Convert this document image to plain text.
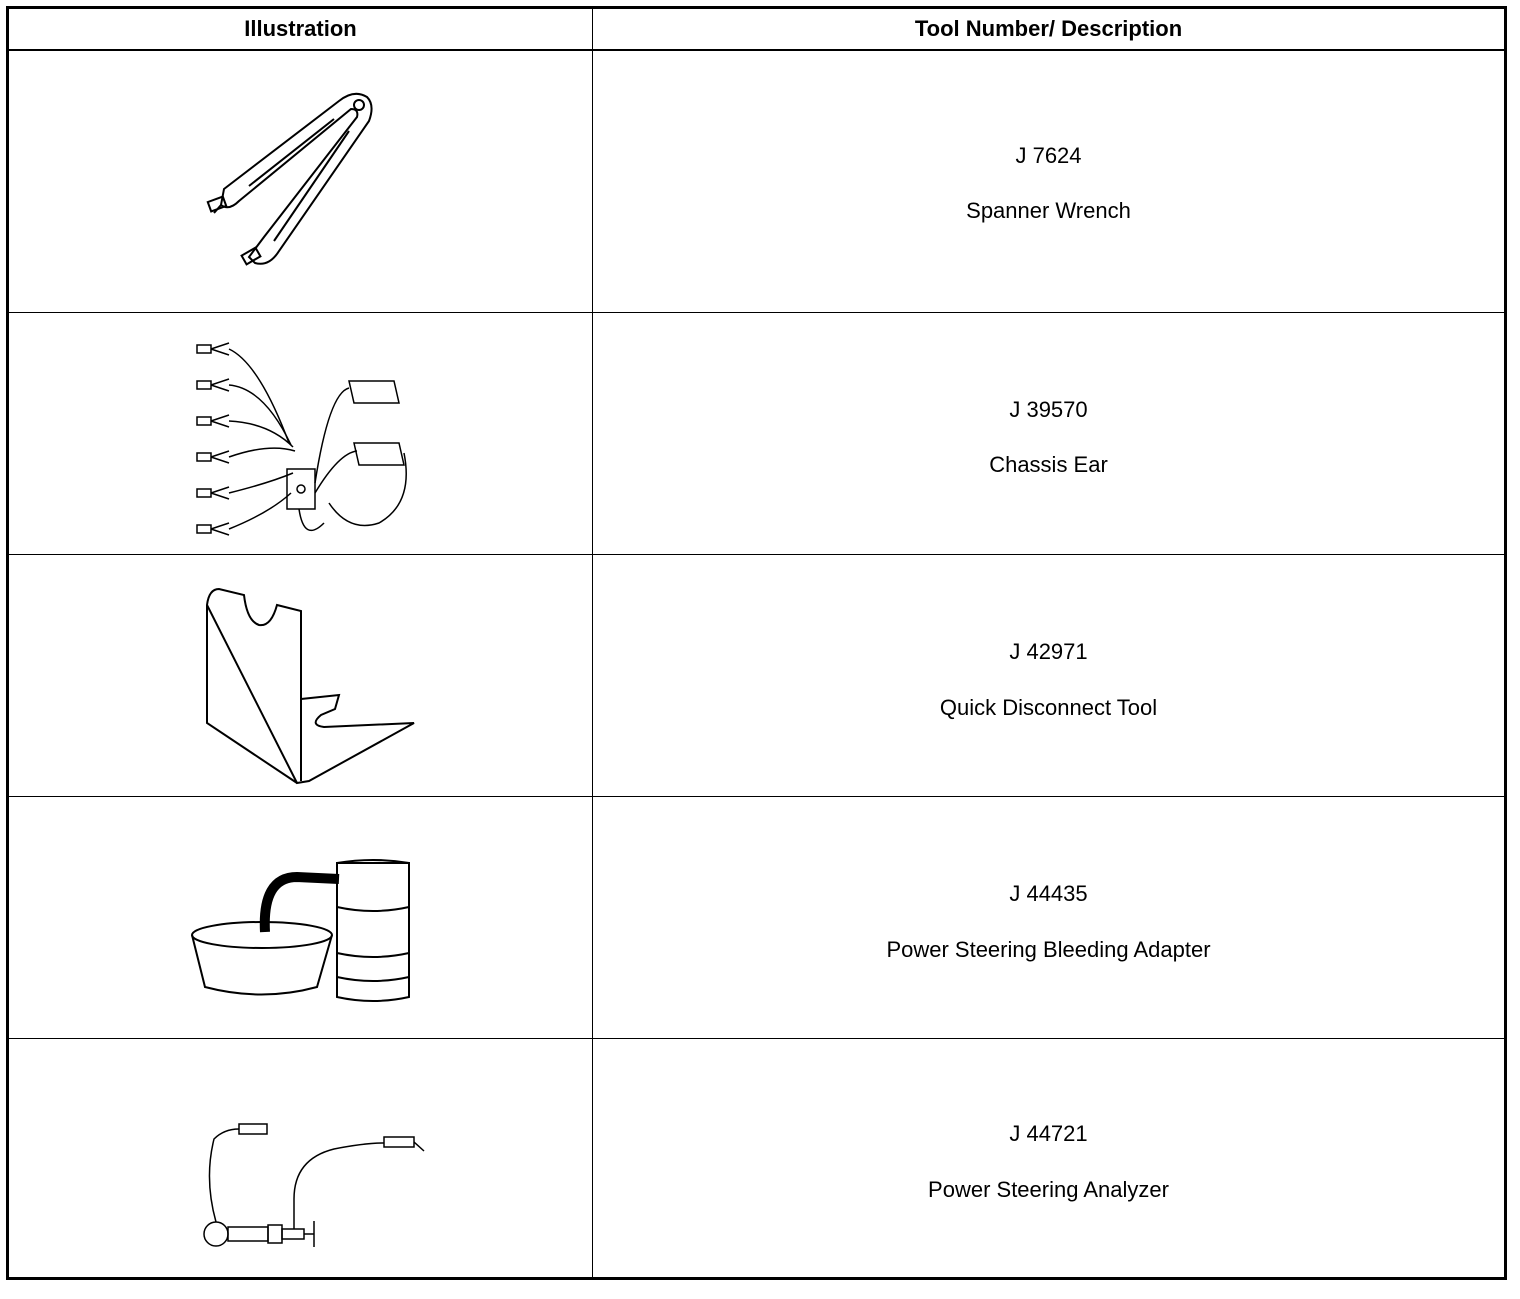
Illustration	Tool Number/ Description
J 7624
Spanner Wrench
J 39570
Chassis Ear
J 42971
Quick Disconnect Tool
J 44435
Power Steering Bleeding Adapter
J 44721
Power Steering Analyzer
